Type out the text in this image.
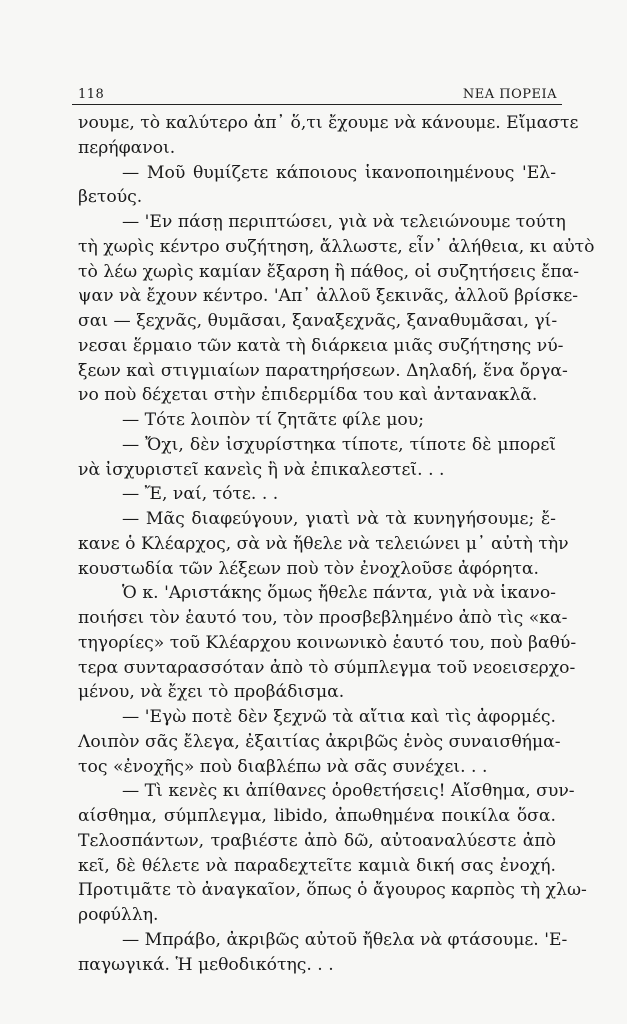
118	ΝΕΑ ΠΟΡΕΙΑ
νουμε, τὸ καλύτερο ἀπ᾽ ὅ,τι ἔχουμε νὰ κάνουμε. Εἴμαστε
περήφανοι.
— Μοῦ θυμίζετε κάποιους ἱκανοποιημένους 'Ελ-
βετούς.
— 'Εν πάσῃ περιπτώσει, γιὰ νὰ τελειώνουμε τούτη
τὴ χωρὶς κέντρο συζήτηση, ἄλλωστε, εἶν᾽ ἀλήθεια, κι αὐτὸ
τὸ λέω χωρὶς καμίαν ἔξαρση ἢ πάθος, οἱ συζητήσεις ἔπα-
ψαν νὰ ἔχουν κέντρο. 'Απ᾽ ἀλλοῦ ξεκινᾶς, ἀλλοῦ βρίσκε-
σαι — ξεχνᾶς, θυμᾶσαι, ξαναξεχνᾶς, ξαναθυμᾶσαι, γί-
νεσαι ἕρμαιο τῶν κατὰ τὴ διάρκεια μιᾶς συζήτησης νύ-
ξεων καὶ στιγμιαίων παρατηρήσεων. Δηλαδή, ἕνα ὄργα-
νο ποὺ δέχεται στὴν ἐπιδερμίδα του καὶ ἀντανακλᾶ.
— Τότε λοιπὸν τί ζητᾶτε φίλε μου;
— Ὄχι, δὲν ἰσχυρίστηκα τίποτε, τίποτε δὲ μπορεῖ
νὰ ἰσχυριστεῖ κανεὶς ἢ νὰ ἐπικαλεστεῖ. . .
— Ἔ, ναί, τότε. . .
— Μᾶς διαφεύγουν, γιατὶ νὰ τὰ κυνηγήσουμε; ἔ-
κανε ὁ Κλέαρχος, σὰ νὰ ἤθελε νὰ τελειώνει μ᾽ αὐτὴ τὴν
κουστωδία τῶν λέξεων ποὺ τὸν ἐνοχλοῦσε ἀφόρητα.
Ὁ κ. 'Αριστάκης ὅμως ἤθελε πάντα, γιὰ νὰ ἱκανο-
ποιήσει τὸν ἑαυτό του, τὸν προσβεβλημένο ἀπὸ τὶς «κα-
τηγορίες» τοῦ Κλέαρχου κοινωνικὸ ἑαυτό του, ποὺ βαθύ-
τερα συνταρασσόταν ἀπὸ τὸ σύμπλεγμα τοῦ νεοεισερχο-
μένου, νὰ ἔχει τὸ προβάδισμα.
— 'Εγὼ ποτὲ δὲν ξεχνῶ τὰ αἴτια καὶ τὶς ἀφορμές.
Λοιπὸν σᾶς ἔλεγα, ἐξαιτίας ἀκριβῶς ἑνὸς συναισθήμα-
τος «ἐνοχῆς» ποὺ διαβλέπω νὰ σᾶς συνέχει. . .
— Τὶ κενὲς κι ἀπίθανες ὁροθετήσεις! Αἴσθημα, συν-
αίσθημα, σύμπλεγμα, libido, ἀπωθημένα ποικίλα ὅσα.
Τελοσπάντων, τραβιέστε ἀπὸ δῶ, αὐτοαναλύεστε ἀπὸ
κεῖ, δὲ θέλετε νὰ παραδεχτεῖτε καμιὰ δική σας ἐνοχή.
Προτιμᾶτε τὸ ἀναγκαῖον, ὅπως ὁ ἄγουρος καρπὸς τὴ χλω-
ροφύλλη.
— Μπράβο, ἀκριβῶς αὐτοῦ ἤθελα νὰ φτάσουμε. 'Ε-
παγωγικά. Ἡ μεθοδικότης. . .
